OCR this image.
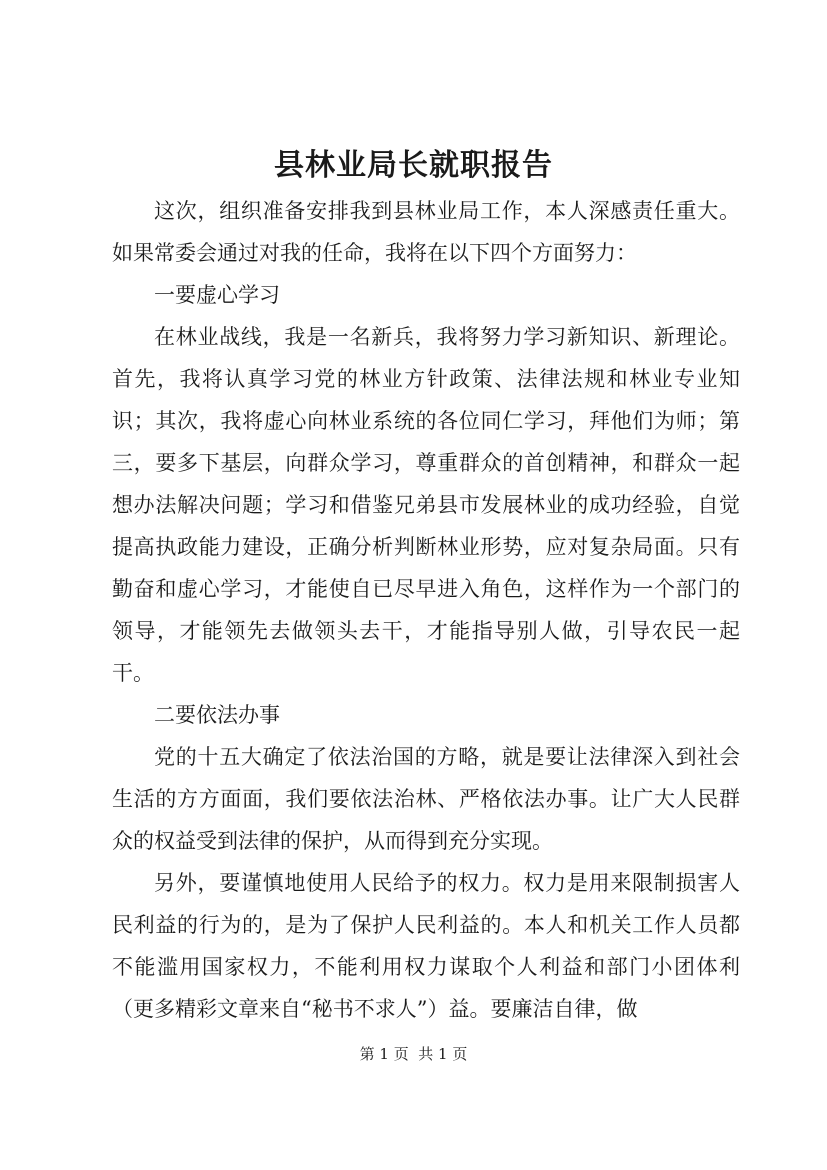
县林业局长就职报告

这次，组织准备安排我到县林业局工作，本人深感责任重大。如果常委会通过对我的任命，我将在以下四个方面努力：

一要虚心学习

在林业战线，我是一名新兵，我将努力学习新知识、新理论。首先，我将认真学习党的林业方针政策、法律法规和林业专业知识；其次，我将虚心向林业系统的各位同仁学习，拜他们为师；第三，要多下基层，向群众学习，尊重群众的首创精神，和群众一起想办法解决问题；学习和借鉴兄弟县市发展林业的成功经验，自觉提高执政能力建设，正确分析判断林业形势，应对复杂局面。只有勤奋和虚心学习，才能使自已尽早进入角色，这样作为一个部门的领导，才能领先去做领头去干，才能指导别人做，引导农民一起干。

二要依法办事

党的十五大确定了依法治国的方略，就是要让法律深入到社会生活的方方面面，我们要依法治林、严格依法办事。让广大人民群众的权益受到法律的保护，从而得到充分实现。

另外，要谨慎地使用人民给予的权力。权力是用来限制损害人民利益的行为的，是为了保护人民利益的。本人和机关工作人员都不能滥用国家权力，不能利用权力谋取个人利益和部门小团体利（更多精彩文章来自“秘书不求人”）益。要廉洁自律，做

第 1 页  共 1 页
